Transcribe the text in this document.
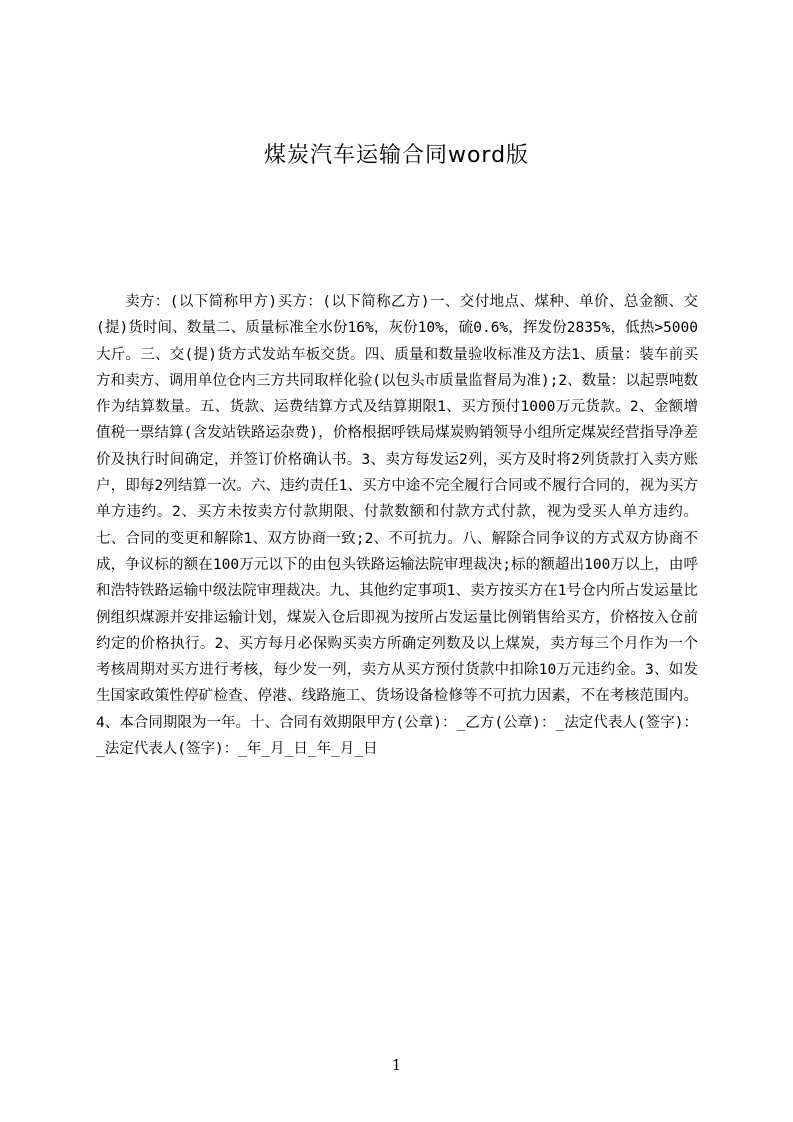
煤炭汽车运输合同word版

卖方：(以下简称甲方)买方：(以下简称乙方)一、交付地点、煤种、单价、总金额、交(提)货时间、数量二、质量标准全水份16%，灰份10%，硫0.6%，挥发份2835%，低热>5000大斤。三、交(提)货方式发站车板交货。四、质量和数量验收标准及方法1、质量：装车前买方和卖方、调用单位仓内三方共同取样化验(以包头市质量监督局为准);2、数量：以起票吨数作为结算数量。五、货款、运费结算方式及结算期限1、买方预付1000万元货款。2、金额增值税一票结算(含发站铁路运杂费)，价格根据呼铁局煤炭购销领导小组所定煤炭经营指导净差价及执行时间确定，并签订价格确认书。3、卖方每发运2列，买方及时将2列货款打入卖方账户，即每2列结算一次。六、违约责任1、买方中途不完全履行合同或不履行合同的，视为买方单方违约。2、买方未按卖方付款期限、付款数额和付款方式付款，视为受买人单方违约。七、合同的变更和解除1、双方协商一致;2、不可抗力。八、解除合同争议的方式双方协商不成，争议标的额在100万元以下的由包头铁路运输法院审理裁决;标的额超出100万以上，由呼和浩特铁路运输中级法院审理裁决。九、其他约定事项1、卖方按买方在1号仓内所占发运量比例组织煤源并安排运输计划，煤炭入仓后即视为按所占发运量比例销售给买方，价格按入仓前约定的价格执行。2、买方每月必保购买卖方所确定列数及以上煤炭，卖方每三个月作为一个考核周期对买方进行考核，每少发一列，卖方从买方预付货款中扣除10万元违约金。3、如发生国家政策性停矿检查、停港、线路施工、货场设备检修等不可抗力因素，不在考核范围内。4、本合同期限为一年。十、合同有效期限甲方(公章)：_乙方(公章)：_法定代表人(签字)：_法定代表人(签字)：_年_月_日_年_月_日

1
